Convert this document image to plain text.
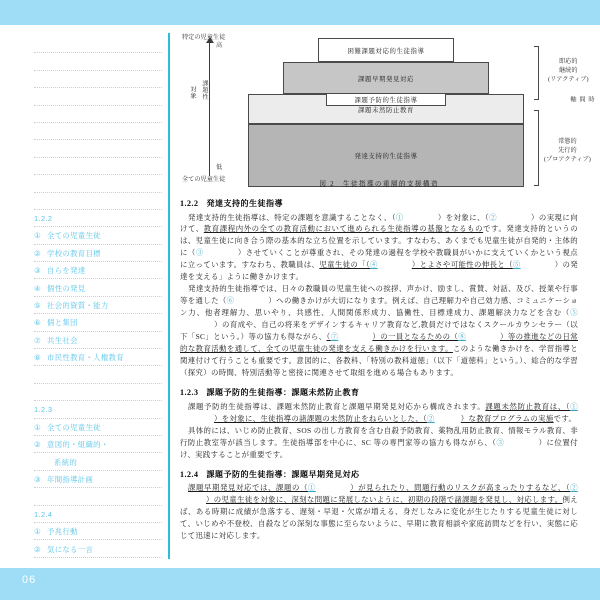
06
1.2.2
① 全ての児童生徒
② 学校の教育目標
③ 自らを発達
④ 個性の発見
⑤ 社会的資質・能力
⑥ 個と集団
⑦ 共生社会
⑧ 市民性教育・人権教育
1.2.3
① 全ての児童生徒
② 意図的・組織的・
系統的
③ 年間指導計画
1.2.4
① 予兆行動
② 気になる一言
特定の児童生徒
高
低
全ての児童生徒
対象 課題性
困難課題対応的生徒指導
課題早期発見対応
課題予防的生徒指導
課題未然防止教育
発達支持的生徒指導
即応的
継続的
(リアクティブ)
時間軸
常態的
先行的
(プロアクティブ)
図 2　生徒指導の重層的支援構造
1.2.2 発達支持的生徒指導

発達支持的生徒指導は、特定の課題を意識することなく、（①	）を対象に、（②	）の実現に向けて、教育課程内外の全ての教育活動において進められる生徒指導の基盤となるものです。発達支持的というのは、児童生徒に向き合う際の基本的な立ち位置を示しています。すなわち、あくまでも児童生徒が自発的・主体的に（③	）させていくことが尊重され、その発達の過程を学校や教職員がいかに支えていくかという視点に立っています。すなわち、教職員は、児童生徒の「（④	）とよさや可能性の伸長と（⑤	）の発達を支える」ように働きかけます。

発達支持的生徒指導では、日々の教職員の児童生徒への挨拶、声かけ、励まし、賞賛、対話、及び、授業や行事等を通した（⑥	）への働きかけが大切になります。例えば、自己理解力や自己効力感、コミュニケーション力、他者理解力、思いやり、共感性、人間関係形成力、協働性、目標達成力、課題解決力などを含む（⑤）の育成や、自己の将来をデザインするキャリア教育など,教員だけではなくスクールカウンセラー（以下「SC」という。）等の協力も得ながら、（⑦	）の一員となるための（⑧	）等の推進などの日常的な教育活動を通して、全ての児童生徒の発達を支える働きかけを行います。このような働きかけを、学習指導と関連付けて行うことも重要です。意図的に、各教科、「特別の教科道徳」（以下「道徳科」という。）、総合的な学習（探究）の時間、特別活動等と密接に関連させて取組を進める場合もあります。

1.2.3 課題予防的生徒指導：課題未然防止教育

課題予防的生徒指導は、課題未然防止教育と課題早期発見対応から構成されます。課題未然防止教育は、（①）を対象に、生徒指導の諸課題の未然防止をねらいとした、（②	）な教育プログラムの実施です。

具体的には、いじめ防止教育、SOS の出し方教育を含む自殺予防教育、薬物乱用防止教育、情報モラル教育、非行防止教室等が該当します。生徒指導部を中心に、SC 等の専門家等の協力も得ながら、（③	）に位置付け、実践することが重要です。

1.2.4 課題予防的生徒指導：課題早期発見対応

課題早期発見対応では、課題の（①	）が見られたり、問題行動のリスクが高まったりするなど、（②）の児童生徒を対象に、深刻な問題に発展しないように、初期の段階で諸課題を発見し、対応します。例えば、ある時期に成績が急落する、遅刻・早退・欠席が増える、身だしなみに変化が生じたりする児童生徒に対して、いじめや不登校、自殺などの深刻な事態に至らないように、早期に教育相談や家庭訪問などを行い、実態に応じて迅速に対応します。
